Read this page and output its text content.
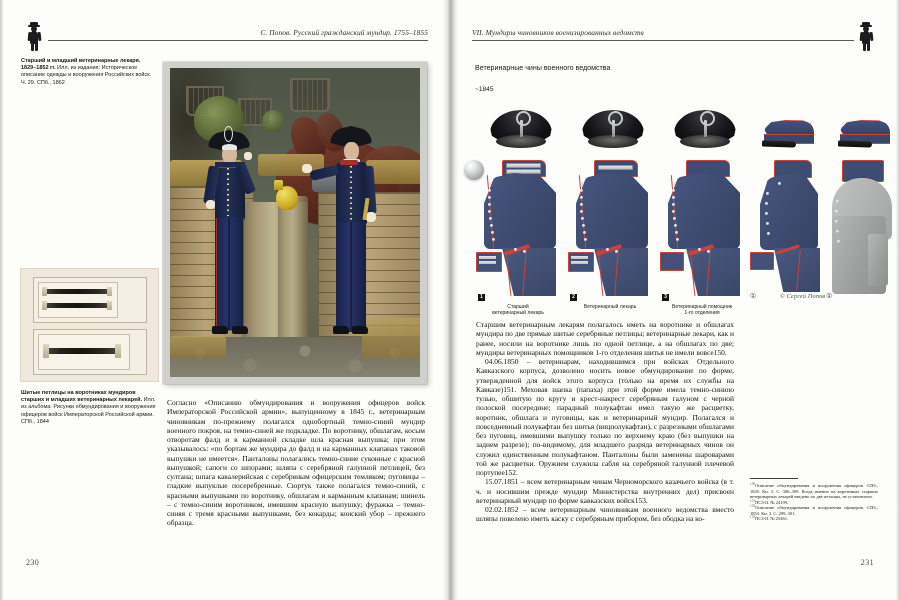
С. Попов. Русский гражданский мундир. 1755–1855
Старший и младший ветеринарные лекаря. 1829–1852 гг. Илл. из издания: Историческое описание одежды и вооружения Российских войск. Ч. 29. СПб., 1862
Шитые петлицы на воротниках мундиров старших и младших ветеринарных лекарей. Илл. из альбома: Рисунки обмундирования и вооружения офицеров войск Императорской Российской армии. СПб., 1844

Согласно «Описанию обмундирования и вооружения офицеров войск Императорской Российской армии», выпущенному в 1845 г., ветеринарным чиновникам по-прежнему полагался однобортный темно-синий мундир военного покроя, на темно-синей же подкладке. По воротнику, обшлагам, косым отворотам фалд и в карманной складке шла красная выпушка; при этом указывалось: «по бортам же мундира до фалд и на карманных клапанах таковой выпушки не имеется». Панталоны полагались темно-синие суконные с красной выпушкой; сапоги со шпорами; шляпа с серебряной галунной петлицей, без султана; шпага кавалерийская с серебряным офицерским темляком; пуговицы – гладкие выпуклые посеребренные. Сюртук также полагался темно-синий, с красными выпушками по воротнику, обшлагам и карманным клапанам; шинель – с темно-синим воротником, имевшим красную выпушку; фуражка – темно-синяя с тремя красными выпушками, без кокарды; конский убор – прежнего образца.

230
VII. Мундиры чиновников военизированных ведомств
Ветеринарные чины военного ведомства
~1845
1
Старший
ветеринарный лекарь
2
Ветеринарный лекарь
3
Ветеринарный помощник
1-го отделения
①	①
© Сергей Попов

Старшим ветеринарным лекарям полагалось иметь на воротнике и обшлагах мундира по две прямые шитые серебряные петлицы; ветеринарные лекари, как и ранее, носили на воротнике лишь по одной петлице, а на обшлагах по две; мундиры ветеринарных помощников 1-го отделения шитья не имели вовсе150.

04.06.1850 – ветеринарам, находившимся при войсках Отдельного Кавказского корпуса, дозволено носить новое обмундирование по форме, утвержденной для войск этого корпуса (только на время их службы на Кавказе)151. Меховая шапка (папаха) при этой форме имела темно-синюю тулью, обшитую по кругу и крест-накрест серебряным галуном с черной полоской посередине; парадный полукафтан имел такую же расцветку, воротник, обшлага и пуговицы, как и ветеринарный мундир. Полагался и повседневный полукафтан без шитья (вицполукафтан), с разрезными обшлагами без пуговиц, имевшими выпушку только по верхнему краю (без выпушки на заднем разрезе); по-видимому, для младшего разряда ветеринарных чинов он служил единственным полукафтаном. Панталоны были заменены шароварами той же расцветки. Оружием служила сабля на серебряной галунной плечевой портупее152.

15.07.1851 – всем ветеринарным чинам Черноморского казачьего войска (в т. ч. и носившим прежде мундир Министерства внутренних дел) присвоен ветеринарный мундир по форме кавказских войск153.

02.02.1852 – всем ветеринарным чиновникам военного ведомства вместо шляпы повелено иметь каску с серебряным прибором, без ободка на ко-

$^{150}$Описание обмундирования и вооружения офицеров. СПб., 1845. Кн. 3. С. 306–309. Когда именно на воротниках старших ветеринарных лекарей введено по две петлицы, не установлено.
$^{151}$ПСЗ-II. № 24199.
$^{152}$Описание обмундирования и вооружения офицеров. СПб., 1853. Кн. 3. С. 299–301.
$^{153}$ПСЗ-II. № 25461.
231
